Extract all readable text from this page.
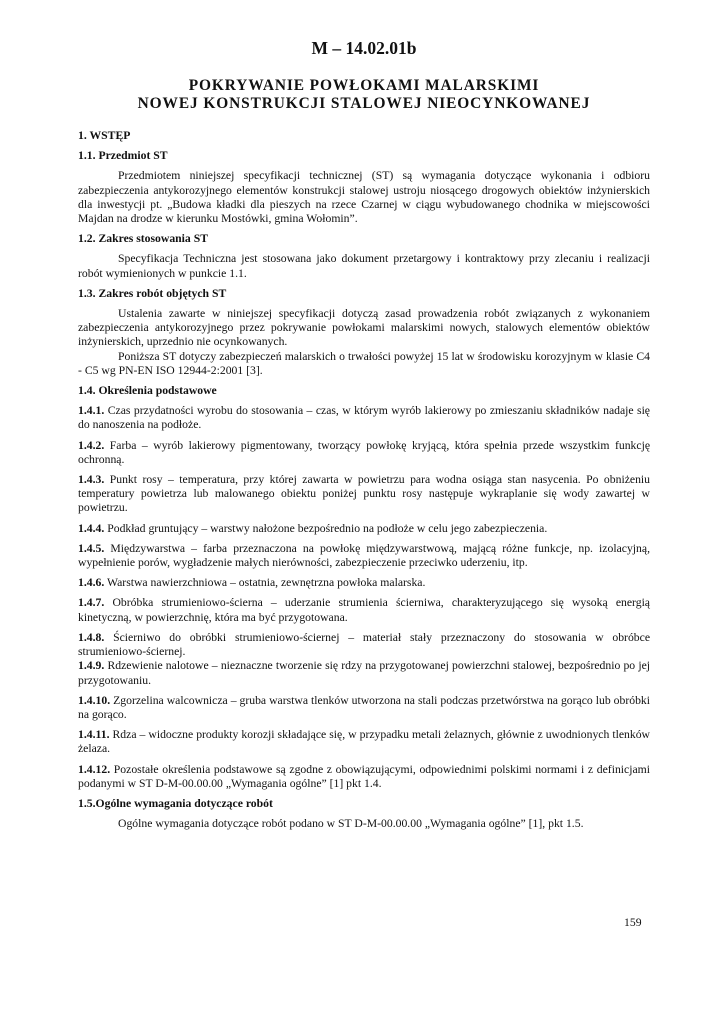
M – 14.02.01b
POKRYWANIE POWŁOKAMI MALARSKIMI
NOWEJ KONSTRUKCJI STALOWEJ NIEOCYNKOWANEJ
1. WSTĘP
1.1. Przedmiot ST

Przedmiotem niniejszej specyfikacji technicznej (ST) są wymagania dotyczące wykonania i odbioru zabezpieczenia antykorozyjnego elementów konstrukcji stalowej ustroju niosącego drogowych obiektów inżynierskich dla inwestycji pt. „Budowa kładki dla pieszych na rzece Czarnej w ciągu wybudowanego chodnika w miejscowości Majdan na drodze w kierunku Mostówki, gmina Wołomin”.

1.2. Zakres stosowania ST

Specyfikacja Techniczna jest stosowana jako dokument przetargowy i kontraktowy przy zlecaniu i realizacji robót wymienionych w punkcie 1.1.

1.3. Zakres robót objętych ST

Ustalenia zawarte w niniejszej specyfikacji dotyczą zasad prowadzenia robót związanych z wykonaniem zabezpieczenia antykorozyjnego przez pokrywanie powłokami malarskimi nowych, stalowych elementów obiektów inżynierskich, uprzednio nie ocynkowanych.

Poniższa ST dotyczy zabezpieczeń malarskich o trwałości powyżej 15 lat w środowisku korozyjnym w klasie C4 - C5 wg PN-EN ISO 12944-2:2001 [3].

1.4. Określenia podstawowe
1.4.1. Czas przydatności wyrobu do stosowania – czas, w którym wyrób lakierowy po zmieszaniu składników nadaje się do nanoszenia na podłoże.
1.4.2. Farba – wyrób lakierowy pigmentowany, tworzący powłokę kryjącą, która spełnia przede wszystkim funkcję ochronną.
1.4.3. Punkt rosy – temperatura, przy której zawarta w powietrzu para wodna osiąga stan nasycenia. Po obniżeniu temperatury powietrza lub malowanego obiektu poniżej punktu rosy następuje wykraplanie się wody zawartej w powietrzu.
1.4.4. Podkład gruntujący – warstwy nałożone bezpośrednio na podłoże w celu jego zabezpieczenia.
1.4.5. Międzywarstwa – farba przeznaczona na powłokę międzywarstwową, mającą różne funkcje, np. izolacyjną, wypełnienie porów, wygładzenie małych nierówności, zabezpieczenie przeciwko uderzeniu, itp.
1.4.6. Warstwa nawierzchniowa – ostatnia, zewnętrzna powłoka malarska.
1.4.7. Obróbka strumieniowo-ścierna – uderzanie strumienia ścierniwa, charakteryzującego się wysoką energią kinetyczną, w powierzchnię, która ma być przygotowana.
1.4.8. Ścierniwo do obróbki strumieniowo-ściernej – materiał stały przeznaczony do stosowania w obróbce strumieniowo-ściernej.
1.4.9. Rdzewienie nalotowe – nieznaczne tworzenie się rdzy na przygotowanej powierzchni stalowej, bezpośrednio po jej przygotowaniu.
1.4.10. Zgorzelina walcownicza – gruba warstwa tlenków utworzona na stali podczas przetwórstwa na gorąco lub obróbki na gorąco.
1.4.11. Rdza – widoczne produkty korozji składające się, w przypadku metali żelaznych, głównie z uwodnionych tlenków żelaza.
1.4.12. Pozostałe określenia podstawowe są zgodne z obowiązującymi, odpowiednimi polskimi normami i z definicjami podanymi w ST D-M-00.00.00 „Wymagania ogólne” [1] pkt 1.4.
1.5.Ogólne wymagania dotyczące robót

Ogólne wymagania dotyczące robót podano w ST D-M-00.00.00 „Wymagania ogólne” [1], pkt 1.5.

159
